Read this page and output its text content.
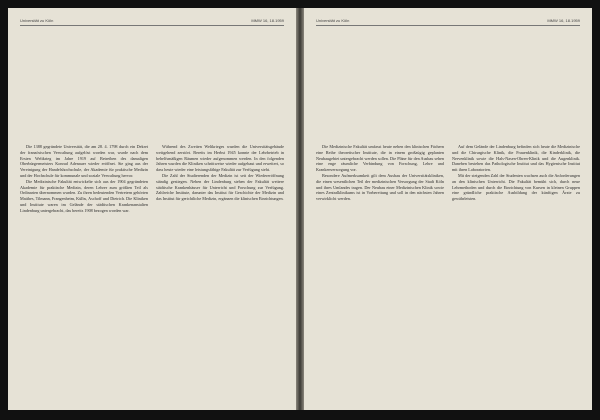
Universität zu Köln	MMW 16, 18.1959

Die 1388 gegründete Universität, die am 28. 4. 1798 durch ein Dekret der französischen Verwaltung aufgelöst worden war, wurde nach dem Ersten Weltkrieg im Jahre 1919 auf Betreiben des damaligen Oberbürgermeisters Konrad Adenauer wieder eröffnet. Sie ging aus der Vereinigung der Handelshochschule, der Akademie für praktische Medizin und der Hochschule für kommunale und soziale Verwaltung hervor.

Die Medizinische Fakultät entwickelte sich aus der 1904 gegründeten Akademie für praktische Medizin, deren Lehrer zum größten Teil als Ordinarien übernommen wurden. Zu ihren bedeutenden Vertretern gehörten Matthes, Tilmann, Frangenheim, Külbs, Aschoff und Dietrich. Die Kliniken und Institute waren im Gelände der städtischen Krankenanstalten Lindenburg untergebracht, das bereits 1908 bezogen worden war.

Während des Zweiten Weltkrieges wurden die Universitätsgebäude weitgehend zerstört. Bereits im Herbst 1945 konnte der Lehrbetrieb in behelfsmäßigen Räumen wieder aufgenommen werden. In den folgenden Jahren wurden die Kliniken schrittweise wieder aufgebaut und erweitert, so dass heute wieder eine leistungsfähige Fakultät zur Verfügung steht.

Die Zahl der Studierenden der Medizin ist seit der Wiedereröffnung ständig gestiegen. Neben der Lindenburg stehen der Fakultät weitere städtische Krankenhäuser für Unterricht und Forschung zur Verfügung. Zahlreiche Institute, darunter das Institut für Geschichte der Medizin und das Institut für gerichtliche Medizin, ergänzen die klinischen Einrichtungen.

Universität zu Köln	MMW 16, 18.1959

Die Medizinische Fakultät umfasst heute neben den klinischen Fächern eine Reihe theoretischer Institute, die in einem großzügig geplanten Neubaugebiet untergebracht werden sollen. Die Pläne für den Ausbau sehen eine enge räumliche Verbindung von Forschung, Lehre und Krankenversorgung vor.

Besondere Aufmerksamkeit gilt dem Ausbau der Universitätskliniken, die einen wesentlichen Teil der medizinischen Versorgung der Stadt Köln und ihres Umlandes tragen. Der Neubau einer Medizinischen Klinik sowie eines Zentralklinikums ist in Vorbereitung und soll in den nächsten Jahren verwirklicht werden.

Auf dem Gelände der Lindenburg befinden sich heute die Medizinische und die Chirurgische Klinik, die Frauenklinik, die Kinderklinik, die Nervenklinik sowie die Hals-Nasen-Ohren-Klinik und die Augenklinik. Daneben bestehen das Pathologische Institut und das Hygienische Institut mit ihren Laboratorien.

Mit der steigenden Zahl der Studenten wachsen auch die Anforderungen an den klinischen Unterricht. Die Fakultät bemüht sich, durch neue Lehrmethoden und durch die Einrichtung von Kursen in kleinen Gruppen eine gründliche praktische Ausbildung der künftigen Ärzte zu gewährleisten.
